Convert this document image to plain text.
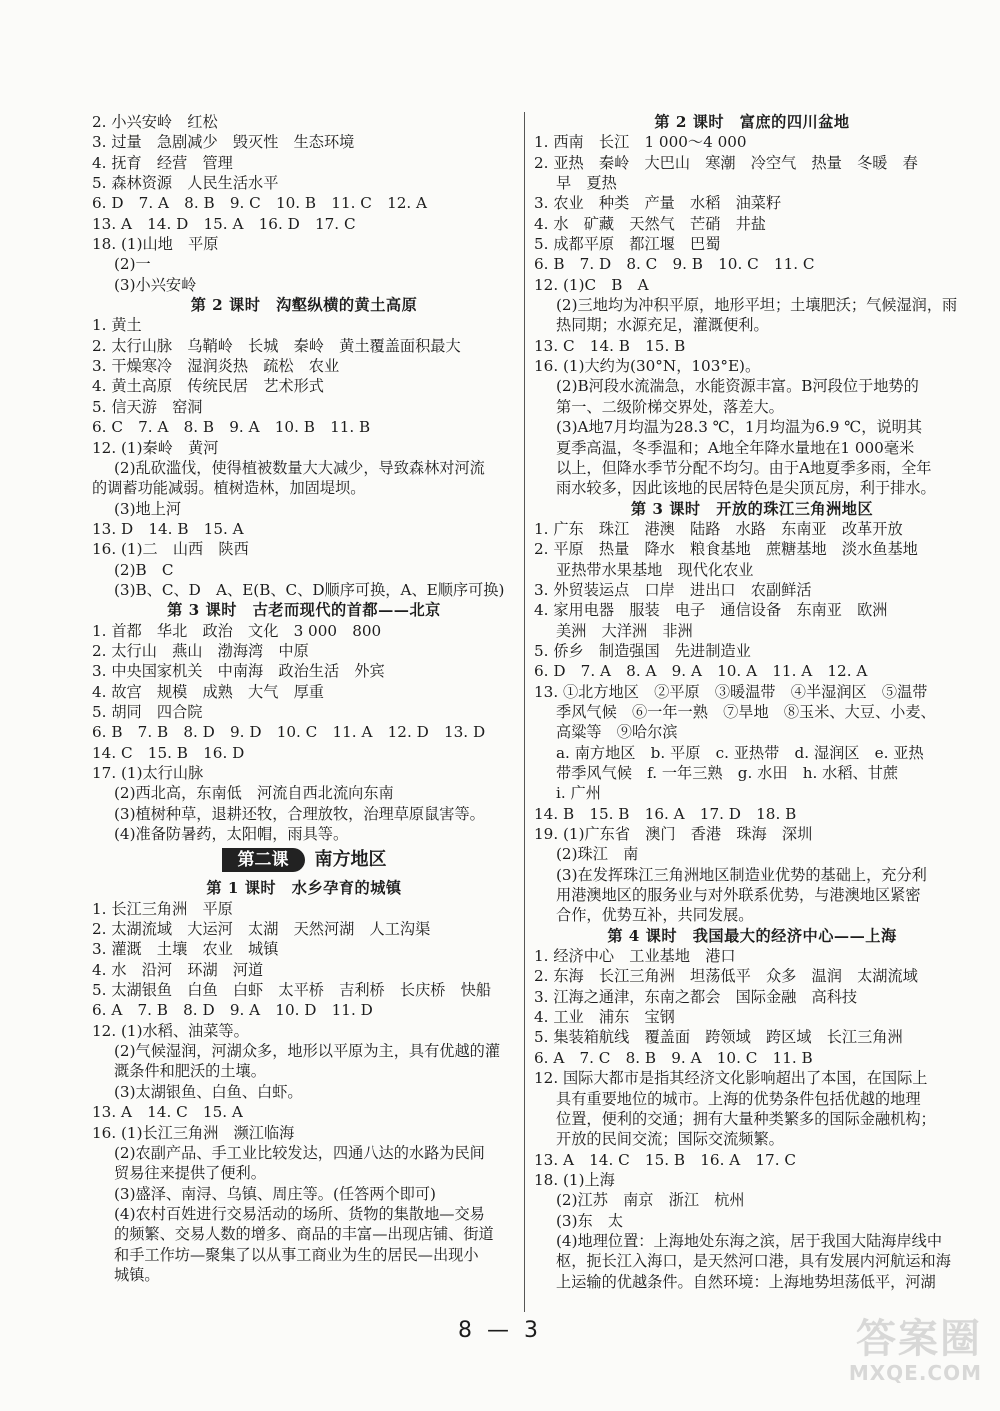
2. 小兴安岭　红松
3. 过量　急剧减少　毁灭性　生态环境
4. 抚育　经营　管理
5. 森林资源　人民生活水平
6. D　7. A　8. B　9. C　10. B　11. C　12. A
13. A　14. D　15. A　16. D　17. C
18. (1)山地　平原
(2)一
(3)小兴安岭
第 2 课时　沟壑纵横的黄土高原
1. 黄土
2. 太行山脉　乌鞘岭　长城　秦岭　黄土覆盖面积最大
3. 干燥寒冷　湿润炎热　疏松　农业
4. 黄土高原　传统民居　艺术形式
5. 信天游　窑洞
6. C　7. A　8. B　9. A　10. B　11. B
12. (1)秦岭　黄河
(2)乱砍滥伐，使得植被数量大大减少，导致森林对河流
的调蓄功能减弱。植树造林，加固堤坝。
(3)地上河
13. D　14. B　15. A
16. (1)二　山西　陕西
(2)B　C
(3)B、C、D　A、E(B、C、D顺序可换，A、E顺序可换)
第 3 课时　古老而现代的首都——北京
1. 首都　华北　政治　文化　3 000　800
2. 太行山　燕山　渤海湾　中原
3. 中央国家机关　中南海　政治生活　外宾
4. 故宫　规模　成熟　大气　厚重
5. 胡同　四合院
6. B　7. B　8. D　9. D　10. C　11. A　12. D　13. D
14. C　15. B　16. D
17. (1)太行山脉
(2)西北高，东南低　河流自西北流向东南
(3)植树种草，退耕还牧，合理放牧，治理草原鼠害等。
(4)准备防暑药，太阳帽，雨具等。
第二课 南方地区
第 1 课时　水乡孕育的城镇
1. 长江三角洲　平原
2. 太湖流域　大运河　太湖　天然河湖　人工沟渠
3. 灌溉　土壤　农业　城镇
4. 水　沿河　环湖　河道
5. 太湖银鱼　白鱼　白虾　太平桥　吉利桥　长庆桥　快船
6. A　7. B　8. D　9. A　10. D　11. D
12. (1)水稻、油菜等。
(2)气候湿润，河湖众多，地形以平原为主，具有优越的灌
溉条件和肥沃的土壤。
(3)太湖银鱼、白鱼、白虾。
13. A　14. C　15. A
16. (1)长江三角洲　濒江临海
(2)农副产品、手工业比较发达，四通八达的水路为民间
贸易往来提供了便利。
(3)盛泽、南浔、乌镇、周庄等。(任答两个即可)
(4)农村百姓进行交易活动的场所、货物的集散地—交易
的频繁、交易人数的增多、商品的丰富—出现店铺、街道
和手工作坊—聚集了以从事工商业为生的居民—出现小
城镇。
第 2 课时　富庶的四川盆地
1. 西南　长江　1 000～4 000
2. 亚热　秦岭　大巴山　寒潮　冷空气　热量　冬暖　春
早　夏热
3. 农业　种类　产量　水稻　油菜籽
4. 水　矿藏　天然气　芒硝　井盐
5. 成都平原　都江堰　巴蜀
6. B　7. D　8. C　9. B　10. C　11. C
12. (1)C　B　A
(2)三地均为冲积平原，地形平坦；土壤肥沃；气候湿润，雨
热同期；水源充足，灌溉便利。
13. C　14. B　15. B
16. (1)大约为(30°N，103°E)。
(2)B河段水流湍急，水能资源丰富。B河段位于地势的
第一、二级阶梯交界处，落差大。
(3)A地7月均温为28.3 ℃，1月均温为6.9 ℃，说明其
夏季高温，冬季温和；A地全年降水量地在1 000毫米
以上，但降水季节分配不均匀。由于A地夏季多雨，全年
雨水较多，因此该地的民居特色是尖顶瓦房，利于排水。
第 3 课时　开放的珠江三角洲地区
1. 广东　珠江　港澳　陆路　水路　东南亚　改革开放
2. 平原　热量　降水　粮食基地　蔗糖基地　淡水鱼基地
亚热带水果基地　现代化农业
3. 外贸装运点　口岸　进出口　农副鲜活
4. 家用电器　服装　电子　通信设备　东南亚　欧洲
美洲　大洋洲　非洲
5. 侨乡　制造强国　先进制造业
6. D　7. A　8. A　9. A　10. A　11. A　12. A
13. ①北方地区　②平原　③暖温带　④半湿润区　⑤温带
季风气候　⑥一年一熟　⑦旱地　⑧玉米、大豆、小麦、
高粱等　⑨哈尔滨
a. 南方地区　b. 平原　c. 亚热带　d. 湿润区　e. 亚热
带季风气候　f. 一年三熟　g. 水田　h. 水稻、甘蔗
i. 广州
14. B　15. B　16. A　17. D　18. B
19. (1)广东省　澳门　香港　珠海　深圳
(2)珠江　南
(3)在发挥珠江三角洲地区制造业优势的基础上，充分利
用港澳地区的服务业与对外联系优势，与港澳地区紧密
合作，优势互补，共同发展。
第 4 课时　我国最大的经济中心——上海
1. 经济中心　工业基地　港口
2. 东海　长江三角洲　坦荡低平　众多　温润　太湖流域
3. 江海之通津，东南之都会　国际金融　高科技
4. 工业　浦东　宝钢
5. 集装箱航线　覆盖面　跨领域　跨区域　长江三角洲
6. A　7. C　8. B　9. A　10. C　11. B
12. 国际大都市是指其经济文化影响超出了本国，在国际上
具有重要地位的城市。上海的优势条件包括优越的地理
位置，便利的交通；拥有大量种类繁多的国际金融机构；
开放的民间交流；国际交流频繁。
13. A　14. C　15. B　16. A　17. C
18. (1)上海
(2)江苏　南京　浙江　杭州
(3)东　太
(4)地理位置：上海地处东海之滨，居于我国大陆海岸线中
枢，扼长江入海口，是天然河口港，具有发展内河航运和海
上运输的优越条件。自然环境：上海地势坦荡低平，河湖
8 — 3	答案圈
MXQE.COM
